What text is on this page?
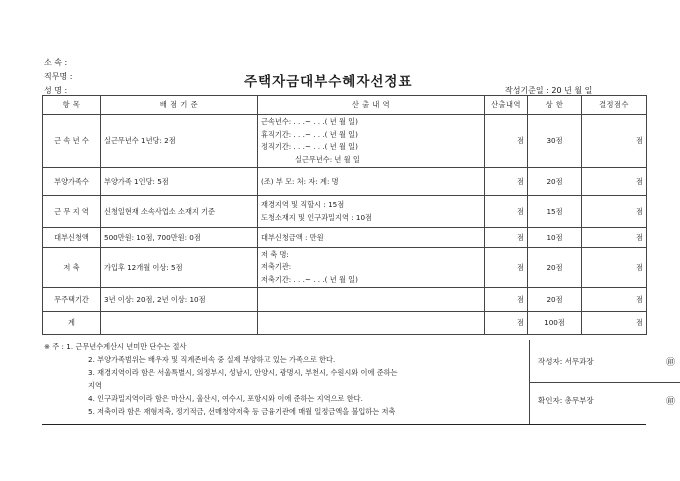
소 속 :
직무명 :
성 명 :
주택자금대부수혜자선정표
작성기준일 : 20 년 월 일
항 목	배 점 기 준	산 출 내 역	산출내역	상 한	결정점수
근 속 년 수	실근무년수 1년당: 2점	근속년수: . . .~ . . .( 년 월 일)
휴직기간: . . .~ . . .( 년 월 일)
정직기간: . . .~ . . .( 년 월 일)
실근무년수: 년 월 일	점	30점	점
부양가족수	부양가족 1인당: 5점	(조) 부 모: 처: 자: 계: 명	점	20점	점
근 무 지 역	신청일현재 소속사업소 소재지 기준	재경지역 및 직할시 : 15점
도청소재지 및 인구과밀지역 : 10점	점	15점	점
대부신청액	500만원: 10점, 700만원: 0점	대부신청금액 : 만원	점	10점	점
저 축	가입후 12개월 이상: 5점	저 축 명:
저축기관:
저축기간: . . .~ . . .( 년 월 일)	점	20점	점
무주택기간	3년 이상: 20점, 2년 이상: 10점		점	20점	점
계			점	100점	점
※ 주 : 1. 근무년수계산시 년미만 단수는 절사
2. 부양가족범위는 배우자 및 직계존비속 중 실제 부양하고 있는 가족으로 한다.
3. 재경지역이라 함은 서울특별시, 의정부시, 성남시, 안양시, 광명시, 부천시, 수원시와 이에 준하는
지역
4. 인구과밀지역이라 함은 마산시, 울산시, 여수시, 포항시와 이에 준하는 지역으로 한다.
5. 저축이라 함은 재형저축, 정기적금, 선매청약저축 등 금융기관에 매월 일정금액을 불입하는 저축
작성자: 서무과장	㊞
확인자: 총무부장	㊞
